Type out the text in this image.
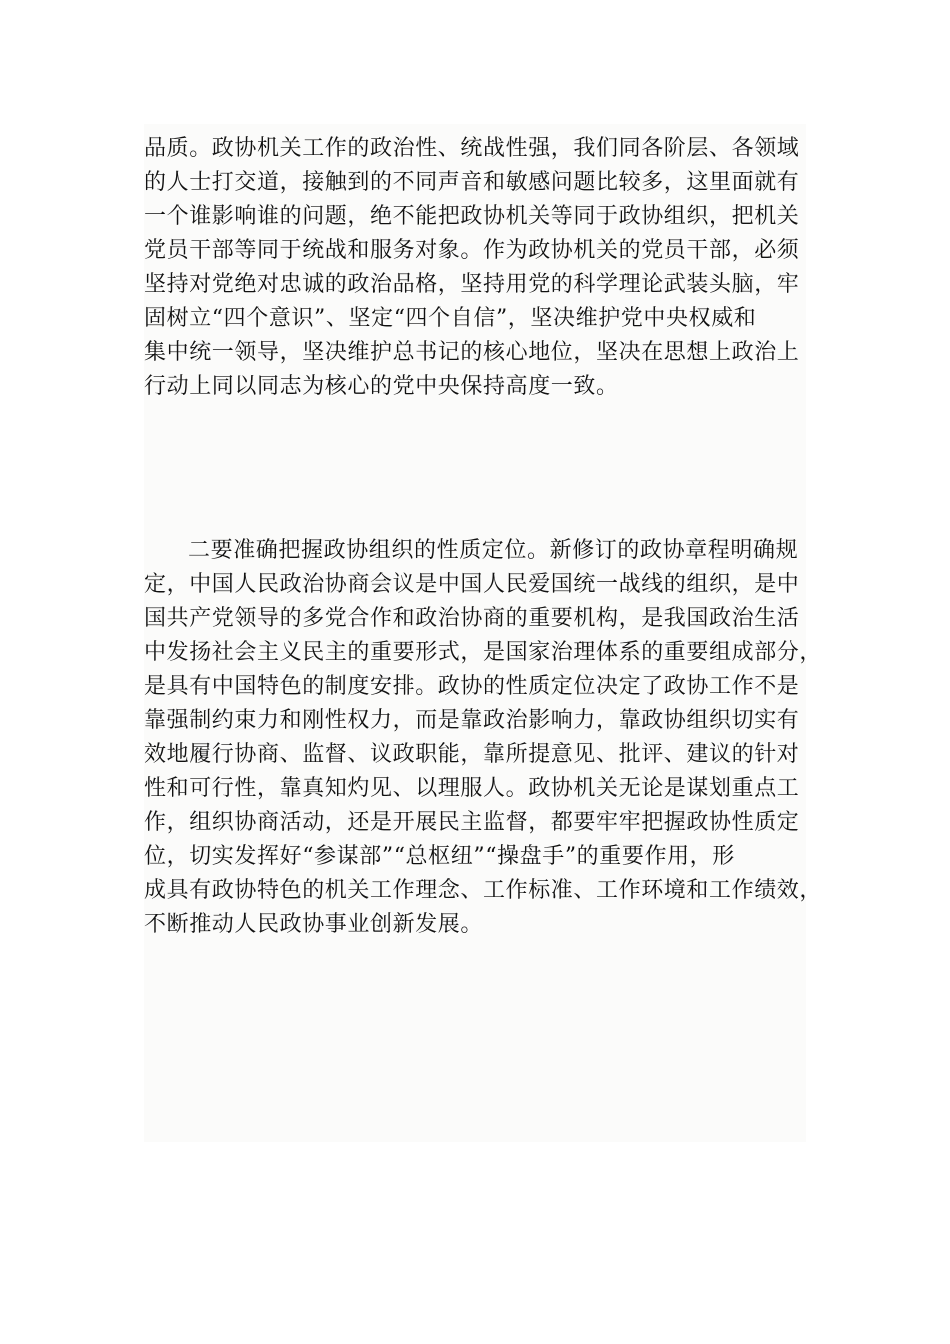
品质。政协机关工作的政治性、统战性强，我们同各阶层、各领域
的人士打交道，接触到的不同声音和敏感问题比较多，这里面就有
一个谁影响谁的问题，绝不能把政协机关等同于政协组织，把机关
党员干部等同于统战和服务对象。作为政协机关的党员干部，必须
坚持对党绝对忠诚的政治品格，坚持用党的科学理论武装头脑，牢
固树立“四个意识”、坚定“四个自信”，坚决维护党中央权威和
集中统一领导，坚决维护总书记的核心地位，坚决在思想上政治上
行动上同以同志为核心的党中央保持高度一致。
二要准确把握政协组织的性质定位。新修订的政协章程明确规
定，中国人民政治协商会议是中国人民爱国统一战线的组织，是中
国共产党领导的多党合作和政治协商的重要机构，是我国政治生活
中发扬社会主义民主的重要形式，是国家治理体系的重要组成部分，
是具有中国特色的制度安排。政协的性质定位决定了政协工作不是
靠强制约束力和刚性权力，而是靠政治影响力，靠政协组织切实有
效地履行协商、监督、议政职能，靠所提意见、批评、建议的针对
性和可行性，靠真知灼见、以理服人。政协机关无论是谋划重点工
作，组织协商活动，还是开展民主监督，都要牢牢把握政协性质定
位，切实发挥好“参谋部”“总枢纽”“操盘手”的重要作用，形
成具有政协特色的机关工作理念、工作标准、工作环境和工作绩效，
不断推动人民政协事业创新发展。
